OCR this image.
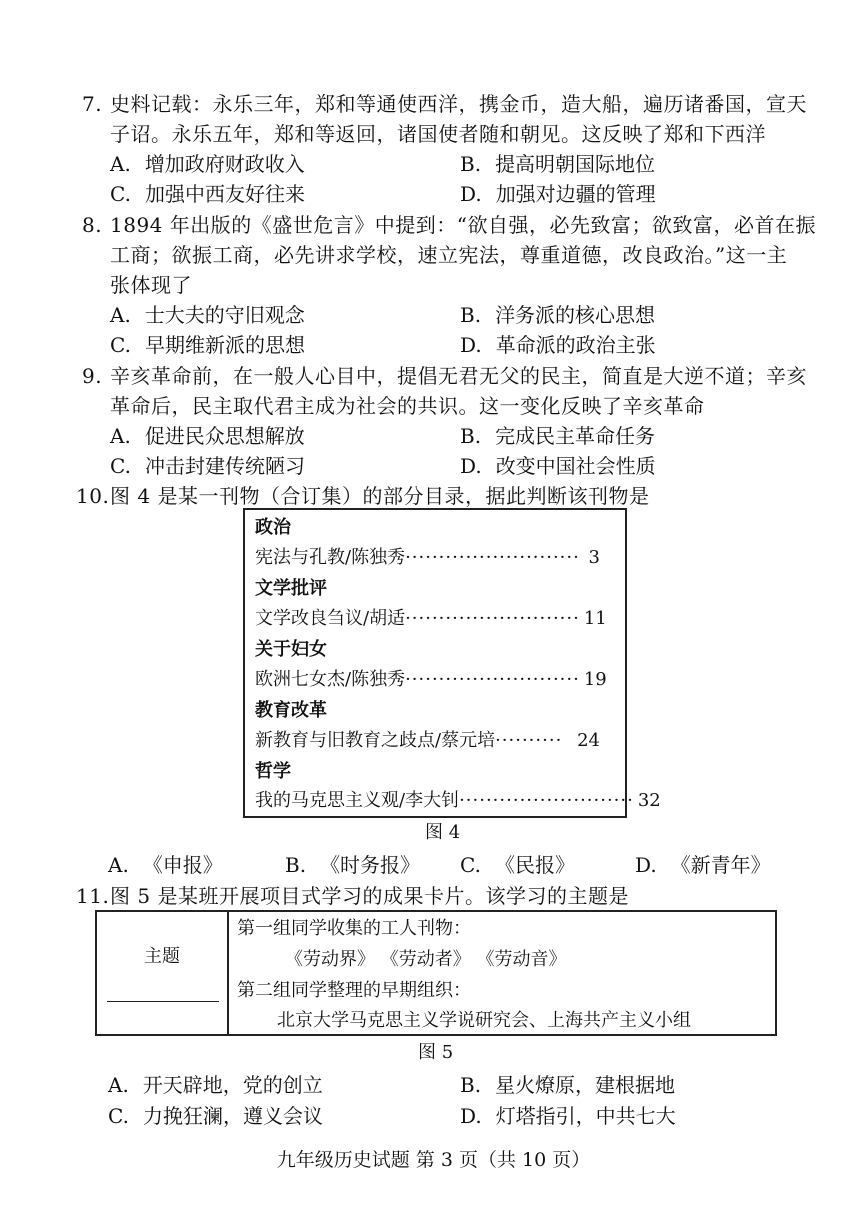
7. 史料记载：永乐三年，郑和等通使西洋，携金币，造大船，遍历诸番国，宣天
子诏。永乐五年，郑和等返回，诸国使者随和朝见。这反映了郑和下西洋
A. 增加政府财政收入	B. 提高明朝国际地位
C. 加强中西友好往来	D. 加强对边疆的管理
8. 1894 年出版的《盛世危言》中提到：“欲自强，必先致富；欲致富，必首在振
工商；欲振工商，必先讲求学校，速立宪法，尊重道德，改良政治。”这一主
张体现了
A. 士大夫的守旧观念	B. 洋务派的核心思想
C. 早期维新派的思想	D. 革命派的政治主张
9. 辛亥革命前，在一般人心目中，提倡无君无父的民主，简直是大逆不道；辛亥
革命后，民主取代君主成为社会的共识。这一变化反映了辛亥革命
A. 促进民众思想解放	B. 完成民主革命任务
C. 冲击封建传统陋习	D. 改变中国社会性质
10.图 4 是某一刊物（合订集）的部分目录，据此判断该刊物是
政治
宪法与孔教/陈独秀 ·························· 3
文学批评
文学改良刍议/胡适 ·························· 11
关于妇女
欧洲七女杰/陈独秀 ·························· 19
教育改革
新教育与旧教育之歧点/蔡元培 ·········· 24
哲学
我的马克思主义观/李大钊 ·························· 32
图 4
A. 《申报》	B. 《时务报》 C. 《民报》	D. 《新青年》
11.图 5 是某班开展项目式学习的成果卡片。该学习的主题是
主题
第一组同学收集的工人刊物：
《劳动界》 《劳动者》 《劳动音》
第二组同学整理的早期组织：
北京大学马克思主义学说研究会、上海共产主义小组
图 5
A. 开天辟地，党的创立	B. 星火燎原，建根据地
C. 力挽狂澜，遵义会议	D. 灯塔指引，中共七大
九年级历史试题 第 3 页（共 10 页）
